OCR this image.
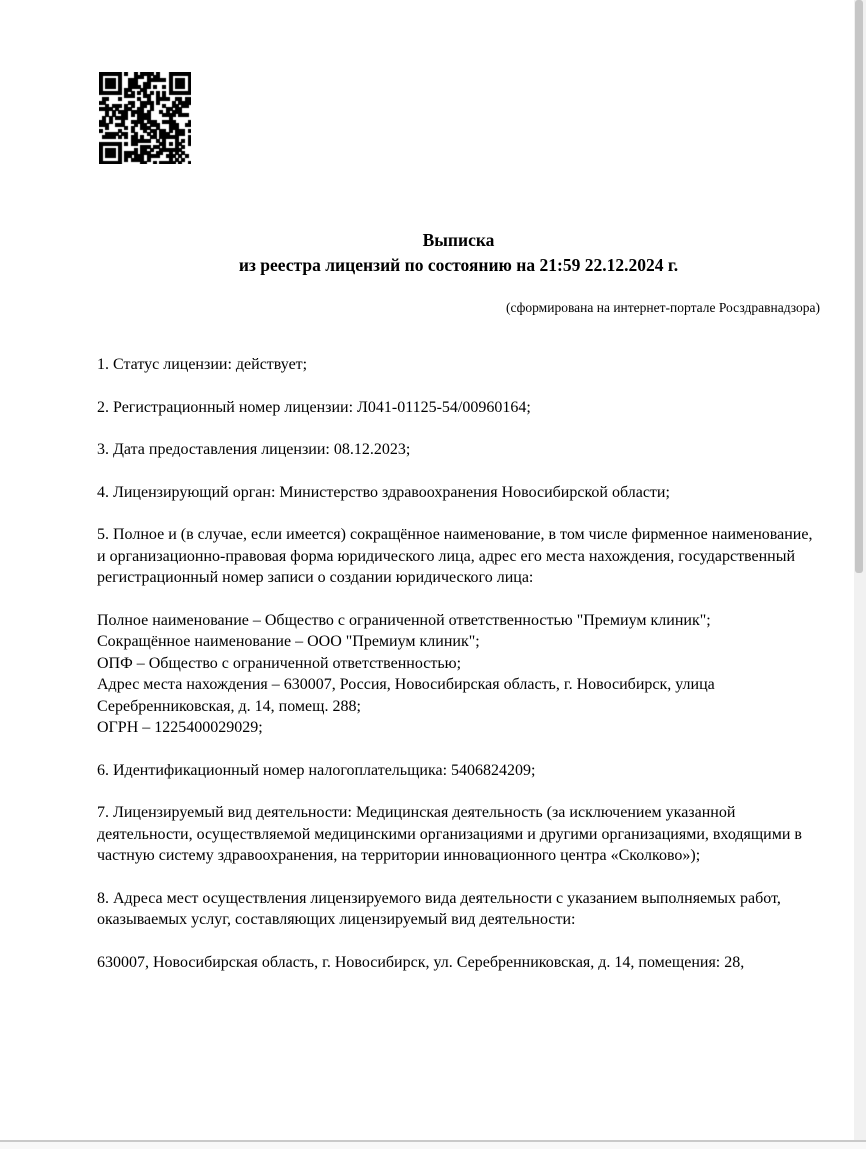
Выписка
из реестра лицензий по состоянию на 21:59 22.12.2024 г.
(сформирована на интернет-портале Росздравнадзора)

1. Статус лицензии: действует;

2. Регистрационный номер лицензии: Л041-01125-54/00960164;

3. Дата предоставления лицензии: 08.12.2023;

4. Лицензирующий орган: Министерство здравоохранения Новосибирской области;

5. Полное и (в случае, если имеется) сокращённое наименование, в том числе фирменное наименование, и организационно-правовая форма юридического лица, адрес его места нахождения, государственный регистрационный номер записи о создании юридического лица:

Полное наименование – Общество с ограниченной ответственностью "Премиум клиник";

Сокращённое наименование – ООО "Премиум клиник";

ОПФ – Общество с ограниченной ответственностью;

Адрес места нахождения – 630007, Россия, Новосибирская область, г. Новосибирск, улица Серебренниковская, д. 14, помещ. 288;

ОГРН – 1225400029029;

6. Идентификационный номер налогоплательщика: 5406824209;

7. Лицензируемый вид деятельности: Медицинская деятельность (за исключением указанной деятельности, осуществляемой медицинскими организациями и другими организациями, входящими в частную систему здравоохранения, на территории инновационного центра «Сколково»);

8. Адреса мест осуществления лицензируемого вида деятельности с указанием выполняемых работ, оказываемых услуг, составляющих лицензируемый вид деятельности:

630007, Новосибирская область, г. Новосибирск, ул. Серебренниковская, д. 14, помещения: 28,
